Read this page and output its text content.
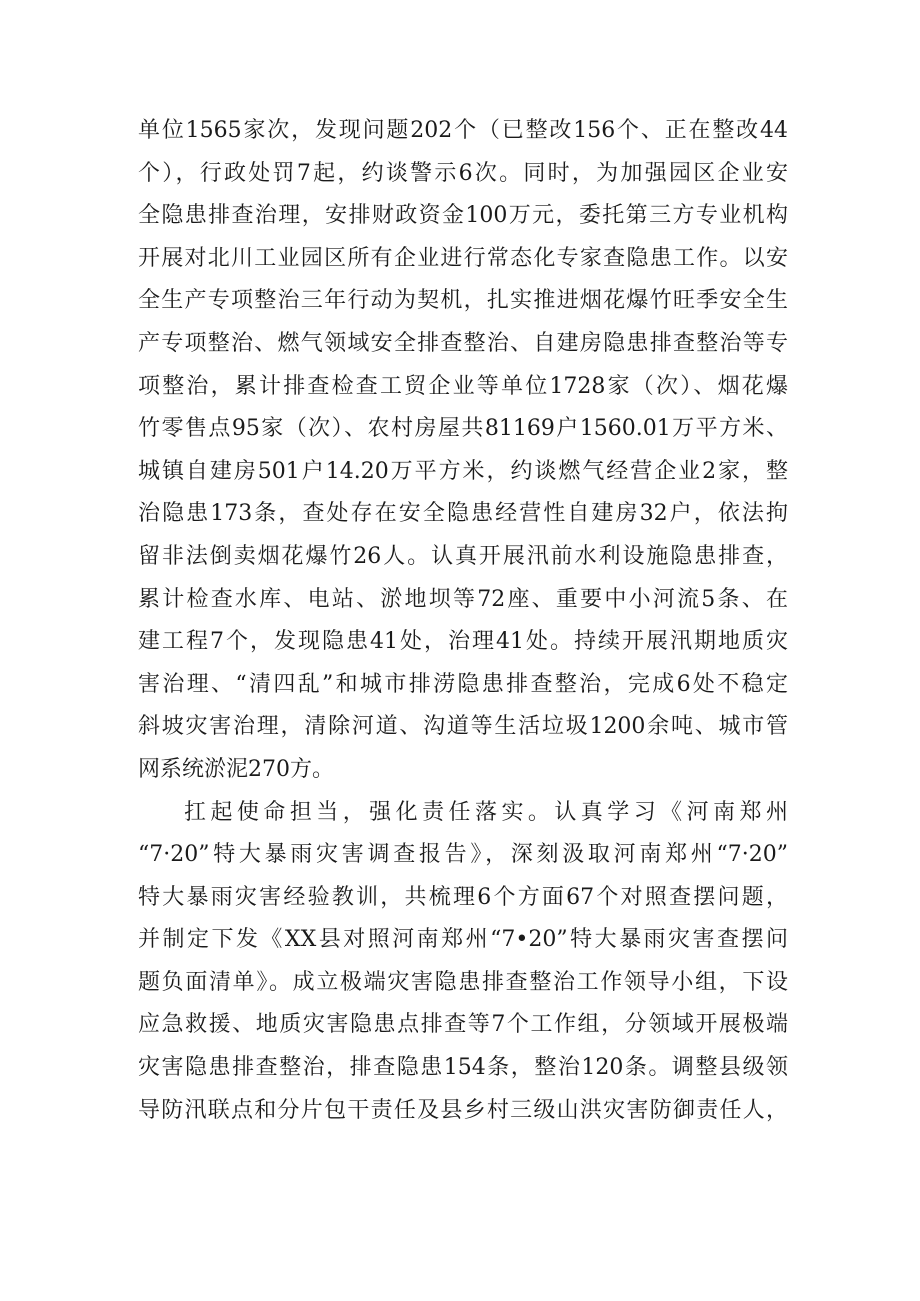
单位1565家次，发现问题202个（已整改156个、正在整改44
个），行政处罚7起，约谈警示6次。同时，为加强园区企业安
全隐患排查治理，安排财政资金100万元，委托第三方专业机构
开展对北川工业园区所有企业进行常态化专家查隐患工作。以安
全生产专项整治三年行动为契机，扎实推进烟花爆竹旺季安全生
产专项整治、燃气领域安全排查整治、自建房隐患排查整治等专
项整治，累计排查检查工贸企业等单位1728家（次）、烟花爆
竹零售点95家（次）、农村房屋共81169户1560.01万平方米、
城镇自建房501户14.20万平方米，约谈燃气经营企业2家，整
治隐患173条，查处存在安全隐患经营性自建房32户，依法拘
留非法倒卖烟花爆竹26人。认真开展汛前水利设施隐患排查，
累计检查水库、电站、淤地坝等72座、重要中小河流5条、在
建工程7个，发现隐患41处，治理41处。持续开展汛期地质灾
害治理、“清四乱”和城市排涝隐患排查整治，完成6处不稳定
斜坡灾害治理，清除河道、沟道等生活垃圾1200余吨、城市管
网系统淤泥270方。
扛起使命担当，强化责任落实。认真学习《河南郑州
“7·20”特大暴雨灾害调查报告》，深刻汲取河南郑州“7·20”
特大暴雨灾害经验教训，共梳理6个方面67个对照查摆问题，
并制定下发《XX县对照河南郑州“7•20”特大暴雨灾害查摆问
题负面清单》。成立极端灾害隐患排查整治工作领导小组，下设
应急救援、地质灾害隐患点排查等7个工作组，分领域开展极端
灾害隐患排查整治，排查隐患154条，整治120条。调整县级领
导防汛联点和分片包干责任及县乡村三级山洪灾害防御责任人，
